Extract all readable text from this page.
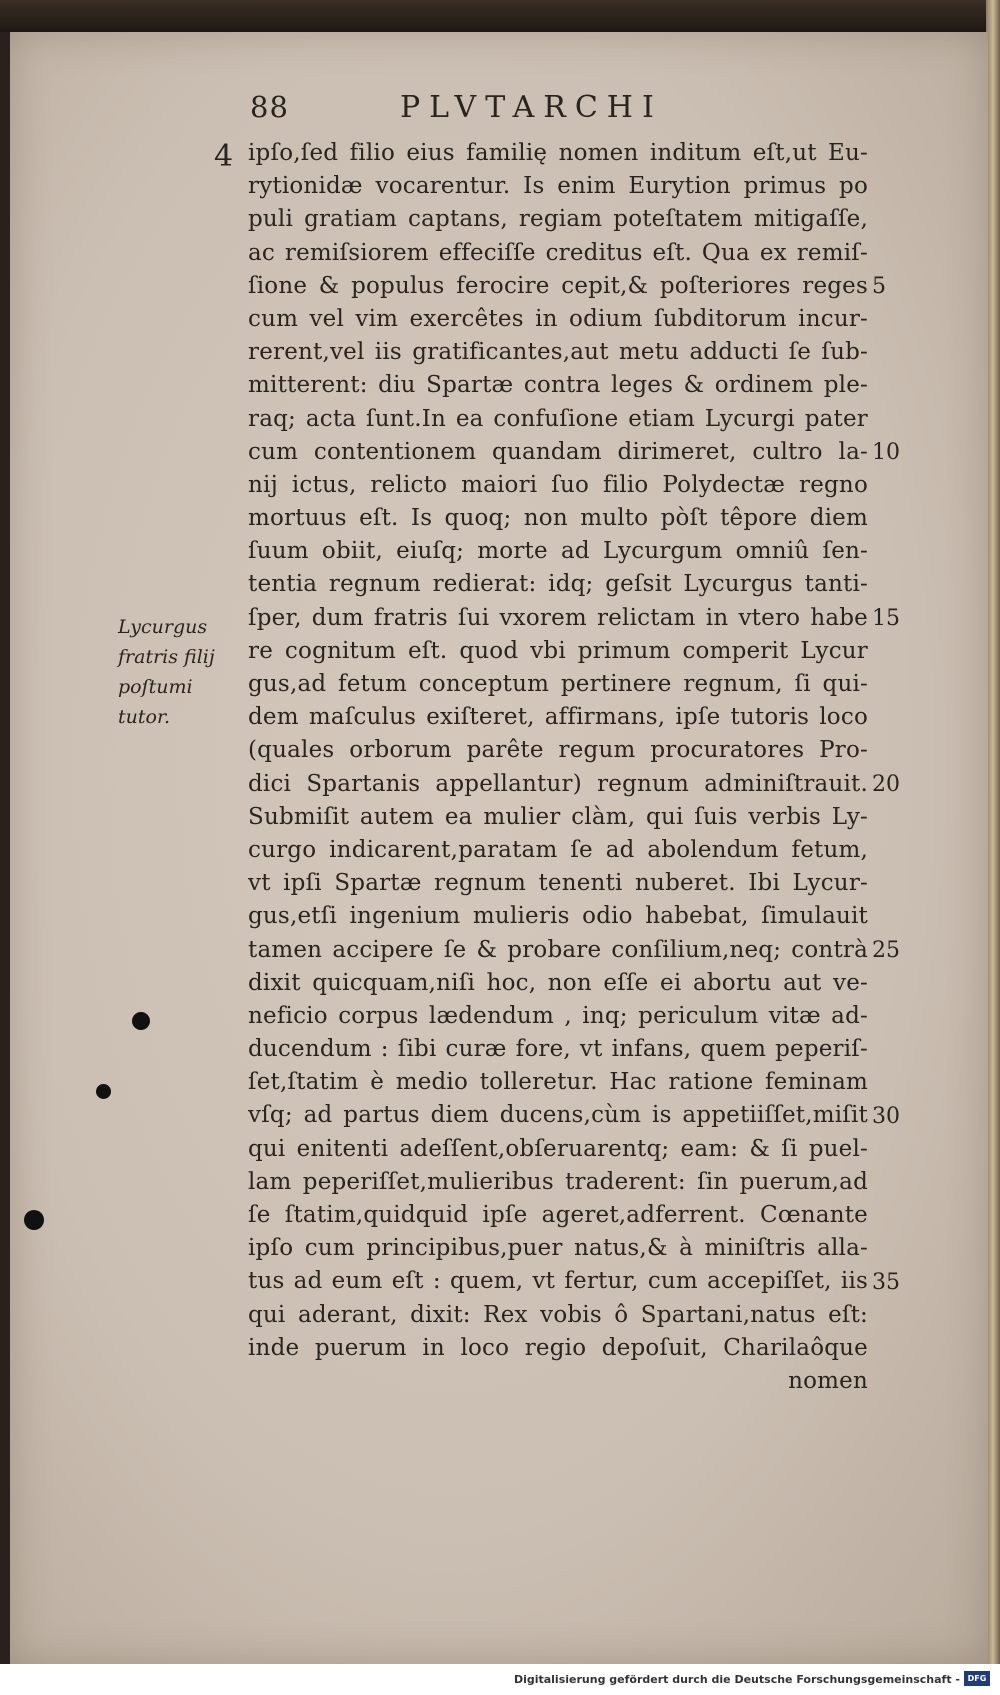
88	PLVTARCHI
4 ipſo,ſed filio eius familię nomen inditum eſt,ut Eu-
rytionidæ vocarentur. Is enim Eurytion primus po
puli gratiam captans, regiam poteſtatem mitigaſſe,
ac remiſsiorem effeciſſe creditus eſt. Qua ex remiſ-
ſione & populus ferocire cepit,& poſteriores reges
cum vel vim exercêtes in odium ſubditorum incur-
rerent,vel iis gratificantes,aut metu adducti ſe ſub-
mitterent: diu Spartæ contra leges & ordinem ple-
raq; acta ſunt.In ea confuſione etiam Lycurgi pater
cum contentionem quandam dirimeret, cultro la-
nij ictus, relicto maiori ſuo filio Polydectæ regno
mortuus eſt. Is quoq; non multo pòſt têpore diem
ſuum obiit, eiuſq; morte ad Lycurgum omniû ſen-
tentia regnum redierat: idq; geſsit Lycurgus tanti-
ſper, dum fratris ſui vxorem relictam in vtero habe
re cognitum eſt. quod vbi primum comperit Lycur
gus,ad fetum conceptum pertinere regnum, ſi qui-
dem maſculus exiſteret, affirmans, ipſe tutoris loco
(quales orborum parête regum procuratores Pro-
dici Spartanis appellantur) regnum adminiſtrauit.
Submiſit autem ea mulier clàm, qui ſuis verbis Ly-
curgo indicarent,paratam ſe ad abolendum fetum,
vt ipſi Spartæ regnum tenenti nuberet. Ibi Lycur-
gus,etſi ingenium mulieris odio habebat, ſimulauit
tamen accipere ſe & probare conſilium,neq; contrà
dixit quicquam,niſi hoc, non eſſe ei abortu aut ve-
neficio corpus lædendum , inq; periculum vitæ ad-
ducendum : ſibi curæ fore, vt infans, quem peperiſ-
ſet,ſtatim è medio tolleretur. Hac ratione feminam
vſq; ad partus diem ducens,cùm is appetiiſſet,miſit
qui enitenti adeſſent,obſeruarentq; eam: & ſi puel-
lam peperiſſet,mulieribus traderent: ſin puerum,ad
ſe ſtatim,quidquid ipſe ageret,adferrent. Cœnante
ipſo cum principibus,puer natus,& à miniſtris alla-
tus ad eum eſt : quem, vt fertur, cum accepiſſet, iis
qui aderant, dixit: Rex vobis ô Spartani,natus eſt:
inde puerum in loco regio depoſuit, Charilaôque
nomen
5
10
15
20
25
30
35
Lycurgus
fratris filij
poſtumi
tutor.
Digitalisierung gefördert durch die Deutsche Forschungsgemeinschaft - DFG
